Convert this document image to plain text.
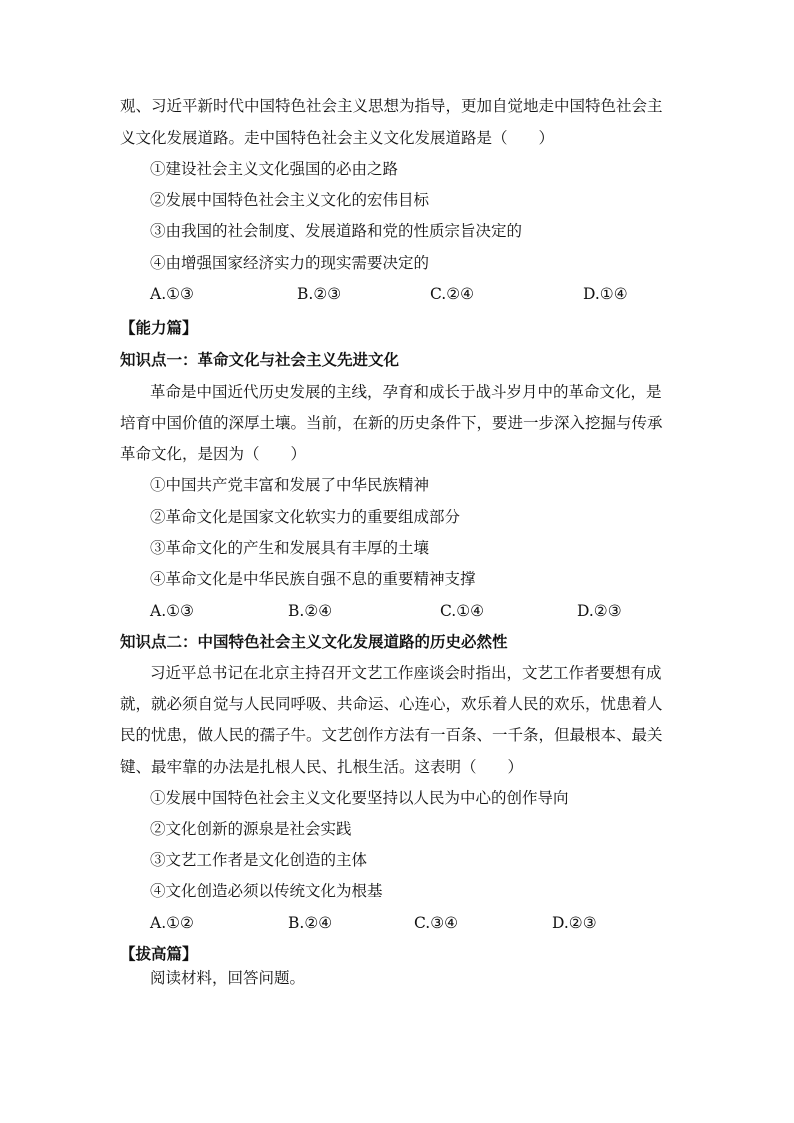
观、习近平新时代中国特色社会主义思想为指导，更加自觉地走中国特色社会主
义文化发展道路。走中国特色社会主义文化发展道路是（　　）
①建设社会主义文化强国的必由之路
②发展中国特色社会主义文化的宏伟目标
③由我国的社会制度、发展道路和党的性质宗旨决定的
④由增强国家经济实力的现实需要决定的
A.①③	B.②③	C.②④	D.①④
【能力篇】
知识点一：革命文化与社会主义先进文化
革命是中国近代历史发展的主线，孕育和成长于战斗岁月中的革命文化，是
培育中国价值的深厚土壤。当前，在新的历史条件下，要进一步深入挖掘与传承
革命文化，是因为（　　）
①中国共产党丰富和发展了中华民族精神
②革命文化是国家文化软实力的重要组成部分
③革命文化的产生和发展具有丰厚的土壤
④革命文化是中华民族自强不息的重要精神支撑
A.①③	B.②④	C.①④	D.②③
知识点二：中国特色社会主义文化发展道路的历史必然性
习近平总书记在北京主持召开文艺工作座谈会时指出，文艺工作者要想有成
就，就必须自觉与人民同呼吸、共命运、心连心，欢乐着人民的欢乐，忧患着人
民的忧患，做人民的孺子牛。文艺创作方法有一百条、一千条，但最根本、最关
键、最牢靠的办法是扎根人民、扎根生活。这表明（　　）
①发展中国特色社会主义文化要坚持以人民为中心的创作导向
②文化创新的源泉是社会实践
③文艺工作者是文化创造的主体
④文化创造必须以传统文化为根基
A.①②	B.②④	C.③④	D.②③
【拔高篇】
阅读材料，回答问题。
